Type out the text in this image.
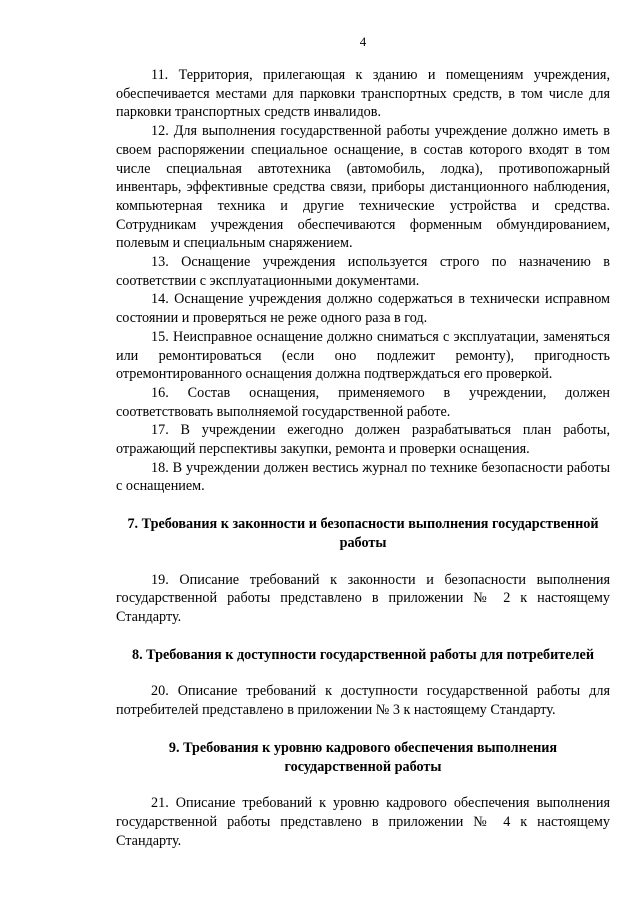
4

11. Территория, прилегающая к зданию и помещениям учреждения, обеспечивается местами для парковки транспортных средств, в том числе для парковки транспортных средств инвалидов.

12. Для выполнения государственной работы учреждение должно иметь в своем распоряжении специальное оснащение, в состав которого входят в том числе специальная автотехника (автомобиль, лодка), противопожарный инвентарь, эффективные средства связи, приборы дистанционного наблюдения, компьютерная техника и другие технические устройства и средства. Сотрудникам учреждения обеспечиваются форменным обмундированием, полевым и специальным снаряжением.

13. Оснащение учреждения используется строго по назначению в соответствии с эксплуатационными документами.

14. Оснащение учреждения должно содержаться в технически исправном состоянии и проверяться не реже одного раза в год.

15. Неисправное оснащение должно сниматься с эксплуатации, заменяться или ремонтироваться (если оно подлежит ремонту), пригодность отремонтированного оснащения должна подтверждаться его проверкой.

16. Состав оснащения, применяемого в учреждении, должен соответствовать выполняемой государственной работе.

17. В учреждении ежегодно должен разрабатываться план работы, отражающий перспективы закупки, ремонта и проверки оснащения.

18. В учреждении должен вестись журнал по технике безопасности работы с оснащением.

7. Требования к законности и безопасности выполнения государственной работы

19. Описание требований к законности и безопасности выполнения государственной работы представлено в приложении № 2 к настоящему Стандарту.

8. Требования к доступности государственной работы для потребителей

20. Описание требований к доступности государственной работы для потребителей представлено в приложении № 3 к настоящему Стандарту.

9. Требования к уровню кадрового обеспечения выполнения государственной работы

21. Описание требований к уровню кадрового обеспечения выполнения государственной работы представлено в приложении № 4 к настоящему Стандарту.
